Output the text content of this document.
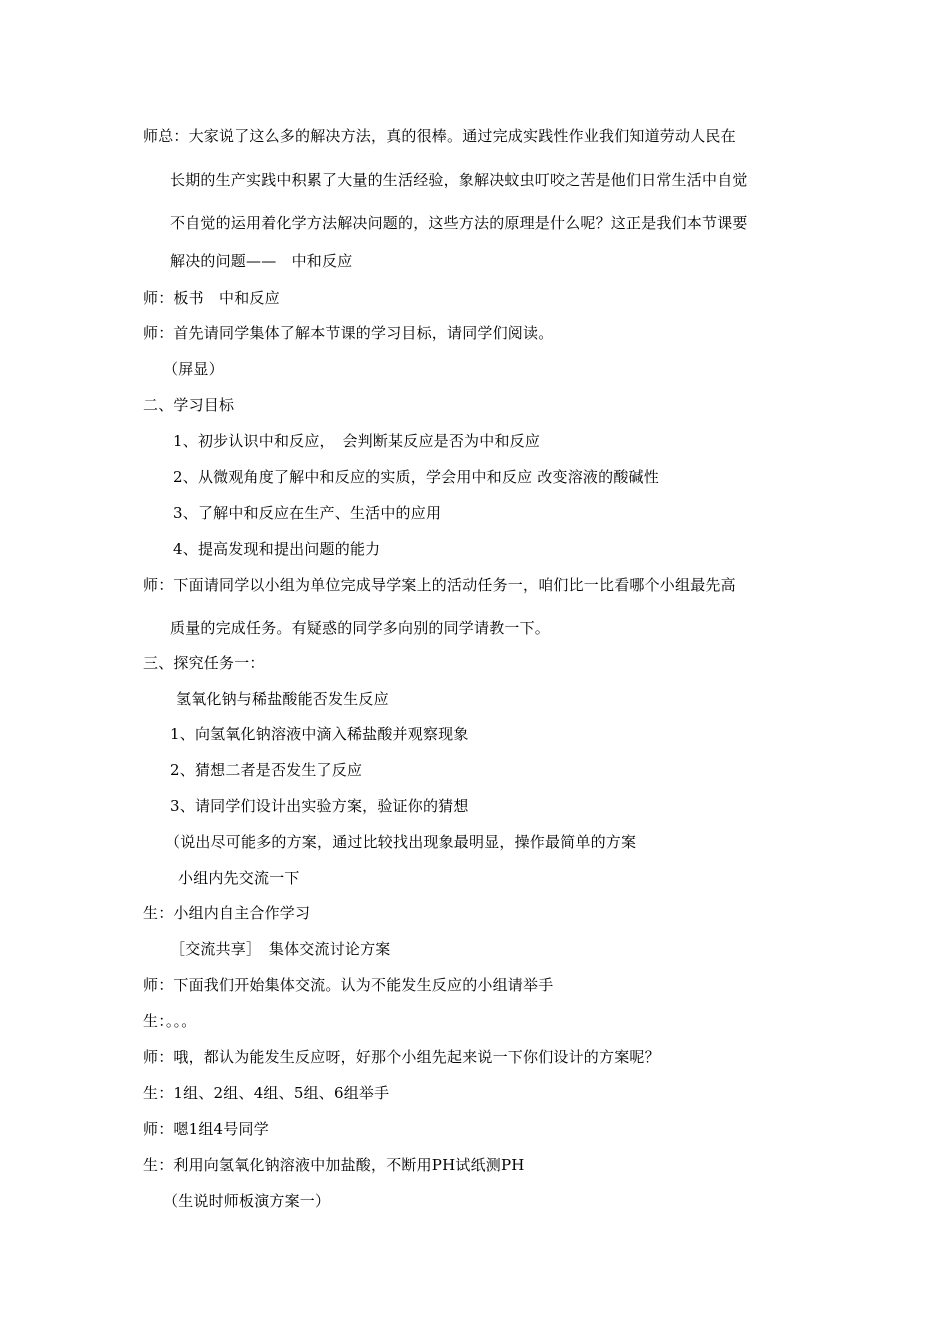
师总：大家说了这么多的解决方法，真的很棒。通过完成实践性作业我们知道劳动人民在
长期的生产实践中积累了大量的生活经验，象解决蚊虫叮咬之苦是他们日常生活中自觉
不自觉的运用着化学方法解决问题的，这些方法的原理是什么呢？这正是我们本节课要
解决的问题——　中和反应
师：板书　中和反应
师：首先请同学集体了解本节课的学习目标，请同学们阅读。
（屏显）
二、学习目标
1、初步认识中和反应，　会判断某反应是否为中和反应
2、从微观角度了解中和反应的实质，学会用中和反应 改变溶液的酸碱性
3、了解中和反应在生产、生活中的应用
4、提高发现和提出问题的能力
师：下面请同学以小组为单位完成导学案上的活动任务一，咱们比一比看哪个小组最先高
质量的完成任务。有疑惑的同学多向别的同学请教一下。
三、探究任务一：
氢氧化钠与稀盐酸能否发生反应
1、向氢氧化钠溶液中滴入稀盐酸并观察现象
2、猜想二者是否发生了反应
3、请同学们设计出实验方案，验证你的猜想
（说出尽可能多的方案，通过比较找出现象最明显，操作最简单的方案
小组内先交流一下
生：小组内自主合作学习
［交流共享］　集体交流讨论方案
师：下面我们开始集体交流。认为不能发生反应的小组请举手
生：。。。
师：哦，都认为能发生反应呀，好那个小组先起来说一下你们设计的方案呢？
生：1组、2组、4组、5组、6组举手
师：嗯1组4号同学
生：利用向氢氧化钠溶液中加盐酸，不断用PH试纸测PH
（生说时师板演方案一）
